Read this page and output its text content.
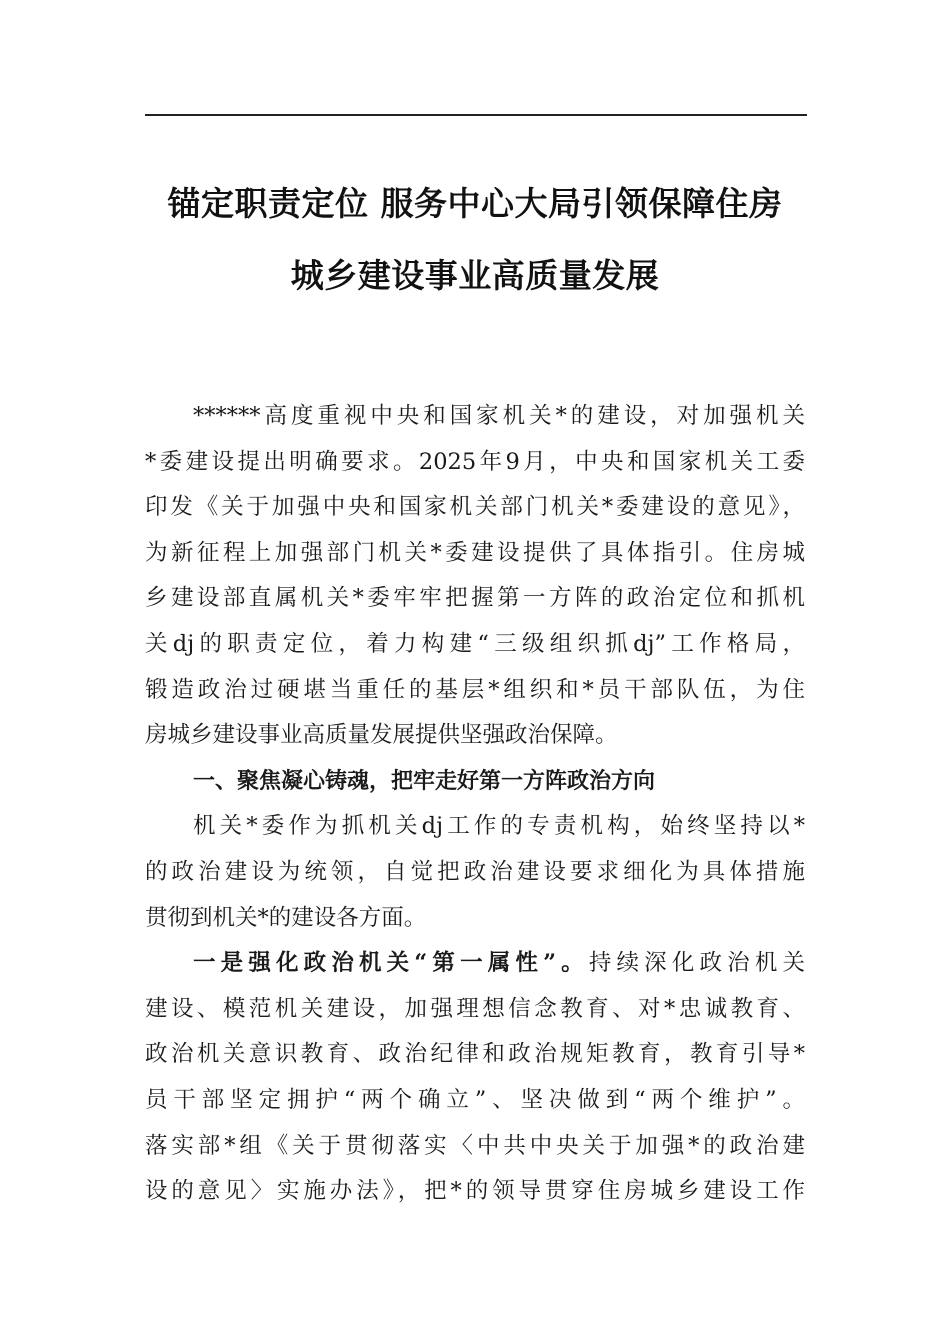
锚定职责定位 服务中心大局引领保障住房
城乡建设事业高质量发展
******高度重视中央和国家机关*的建设，对加强机关
*委建设提出明确要求。2025年9月，中央和国家机关工委
印发《关于加强中央和国家机关部门机关*委建设的意见》，
为新征程上加强部门机关*委建设提供了具体指引。住房城
乡建设部直属机关*委牢牢把握第一方阵的政治定位和抓机
关dj的职责定位，着力构建“三级组织抓dj”工作格局，
锻造政治过硬堪当重任的基层*组织和*员干部队伍，为住
房城乡建设事业高质量发展提供坚强政治保障。
一、聚焦凝心铸魂，把牢走好第一方阵政治方向
机关*委作为抓机关dj工作的专责机构，始终坚持以*
的政治建设为统领，自觉把政治建设要求细化为具体措施
贯彻到机关*的建设各方面。
一是强化政治机关“第一属性”。持续深化政治机关
建设、模范机关建设，加强理想信念教育、对*忠诚教育、
政治机关意识教育、政治纪律和政治规矩教育，教育引导*
员干部坚定拥护“两个确立”、坚决做到“两个维护”。
落实部*组《关于贯彻落实〈中共中央关于加强*的政治建
设的意见〉实施办法》，把*的领导贯穿住房城乡建设工作
